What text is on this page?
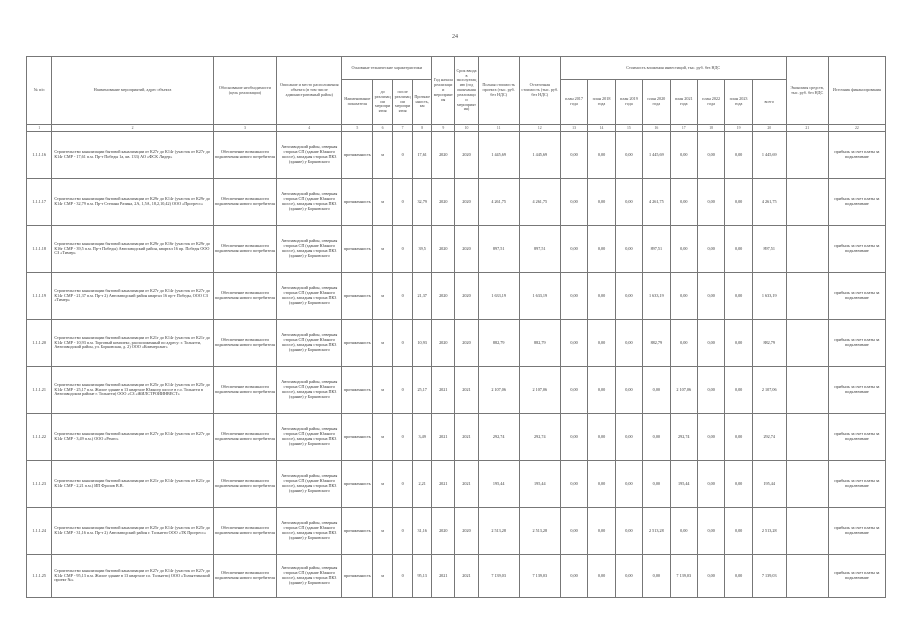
24
№ п/п	Наименование мероприятий, адрес объекта	Обоснование необходимости (цель реализации)	Описание и место расположения объекта (в том числе административный район)	Основные технические характеристики				Год начала реализации мероприятия	Срок ввода в эксплуатацию (год окончания реализации мероприятия)	Полная стоимость проекта (тыс. руб. без НДС)	Остаточная стоимость (тыс. руб. без НДС)	Стоимость вложения инвестиций, тыс. руб. без НДС								Экономия средств, тыс. руб. без НДС	Источник финансирования
				Наименование показателя	до реализации мероприятия	после реализации мероприятия	Протяженность, км					план 2017 года	план 2018 года	план 2019 года	план 2020 года	план 2021 года	план 2022 года	план 2023 года	всего		
1	2	3	4	5	6	7	8	9	10	11	12	13	14	15	16	17	18	19	20	21	22
1.1.1.16	Строительство канализации бытовой канализации от К27г до К14г (участок от К27г до К14г СМР - 17,61 п.м. Пр-т Победы 1а, кв. 133) АО «ФСК Лидер»	Обеспечение возможности подключения нового потребителя	Автозаводский район, северная сторона СП (здание Южного шоссе), западная сторона ПК3 (здание) у Борковского	протяженность	м	0	17,61	2020	2020	1 445,69	1 445,69	0,00	0,00	0,00	1 445,69	0,00	0,00	0,00	1 445,69		прибыль за счет платы за подключение
1.1.1.17	Строительство канализации бытовой канализации от К29г до К14г (участок от К29г до К14г СМР - 32,79 п.м. Пр-т Степана Разина, 2А, 1,5А, 18,2,10,42) ООО «Прогресс»	Обеспечение возможности подключения нового потребителя	Автозаводский район, северная сторона СП (здание Южного шоссе), западная сторона ПК3 (здание) у Борковского	протяженность	м	0	32,79	2020	2020	4 261,75	4 261,75	0,00	0,00	0,00	4 261,75	0,00	0,00	0,00	4 261,75		прибыль за счет платы за подключение
1.1.1.18	Строительство канализации бытовой канализации от К29г до К16г (участок от К29г до К16г СМР - 39,5 п.м. Пр-т Победы) Автозаводский район, квартал 16 пр. Победы ООО СЗ «Тимер»	Обеспечение возможности подключения нового потребителя	Автозаводский район, северная сторона СП (здание Южного шоссе), западная сторона ПК3 (здание) у Борковского	протяженность	м	0	39,5	2020	2020	897,51	897,51	0,00	0,00	0,00	897,51	0,00	0,00	0,00	897,51		прибыль за счет платы за подключение
1.1.1.19	Строительство канализации бытовой канализации от К27г до К14г (участок от К27г до К14г СМР - 21,37 п.м. Пр-т 2) Автозаводский район квартал 16 пр-т Победы, ООО СЗ «Тимер»	Обеспечение возможности подключения нового потребителя	Автозаводский район, северная сторона СП (здание Южного шоссе), западная сторона ПК3 (здание) у Борковского	протяженность	м	0	21,37	2020	2020	1 633,19	1 633,19	0,00	0,00	0,00	1 633,19	0,00	0,00	0,00	1 633,19		прибыль за счет платы за подключение
1.1.1.20	Строительство канализации бытовой канализации от К21г до К14г (участок от К21г до К14г СМР - 10,93 п.м. Торговый комплекс, расположенный по адресу: г. Тольятти, Автозаводский район, ул. Борковская, д. 2) ООО «Коммерсант»	Обеспечение возможности подключения нового потребителя	Автозаводский район, северная сторона СП (здание Южного шоссе), западная сторона ПК3 (здание) у Борковского	протяженность	м	0	10,93	2020	2020	882,79	882,79	0,00	0,00	0,00	882,79	0,00	0,00	0,00	882,79		прибыль за счет платы за подключение
1.1.1.21	Строительство канализации бытовой канализации от К25г до К14г (участок от К25г до К14г СМР - 25,17 п.м. Жилое здание в 13 квартале Южного шоссе в г.о. Тольятти в Автозаводском районе г. Тольятти) ООО «СЗ «ЖИЛСТРОЙИНВЕСТ»	Обеспечение возможности подключения нового потребителя	Автозаводский район, северная сторона СП (здание Южного шоссе), западная сторона ПК3 (здание) у Борковского	протяженность	м	0	25,17	2021	2021	2 107,06	2 107,06	0,00	0,00	0,00	0,00	2 107,06	0,00	0,00	2 107,06		прибыль за счет платы за подключение
1.1.1.22	Строительство канализации бытовой канализации от К27г до К14г (участок от К27г до К14г СМР - 3,49 п.м.) ООО «Ренго»	Обеспечение возможности подключения нового потребителя	Автозаводский район, северная сторона СП (здание Южного шоссе), западная сторона ПК3 (здание) у Борковского	протяженность	м	0	3,49	2021	2021	292,74	292,74	0,00	0,00	0,00	0,00	292,74	0,00	0,00	292,74		прибыль за счет платы за подключение
1.1.1.23	Строительство канализации бытовой канализации от К21г до К14г (участок от К21г до К14г СМР - 2,21 п.м.) ИП Фролов В.В.	Обеспечение возможности подключения нового потребителя	Автозаводский район, северная сторона СП (здание Южного шоссе), западная сторона ПК3 (здание) у Борковского	протяженность	м	0	2,21	2021	2021	195,44	195,44	0,00	0,00	0,00	0,00	195,44	0,00	0,00	195,44		прибыль за счет платы за подключение
1.1.1.24	Строительство канализации бытовой канализации от К25г до К14г (участок от К25г до К14г СМР - 31,16 п.м. Пр-т 2) Автозаводский район г. Тольятти ООО «ТК Прогресс»	Обеспечение возможности подключения нового потребителя	Автозаводский район, северная сторона СП (здание Южного шоссе), западная сторона ПК3 (здание) у Борковского	протяженность	м	0	31,16	2020	2020	2 513,28	2 513,28	0,00	0,00	0,00	2 513,28	0,00	0,00	0,00	2 513,28		прибыль за счет платы за подключение
1.1.1.25	Строительство канализации бытовой канализации от К27г до К14г (участок от К27г до К14г СМР - 95,13 п.м. Жилое здание в 13 квартале г.о. Тольятти) ООО «Тольяттинский проект №»	Обеспечение возможности подключения нового потребителя	Автозаводский район, северная сторона СП (здание Южного шоссе), западная сторона ПК3 (здание) у Борковского	протяженность	м	0	95,13	2021	2021	7 139,03	7 139,03	0,00	0,00	0,00	0,00	7 139,03	0,00	0,00	7 139,03		прибыль за счет платы за подключение
